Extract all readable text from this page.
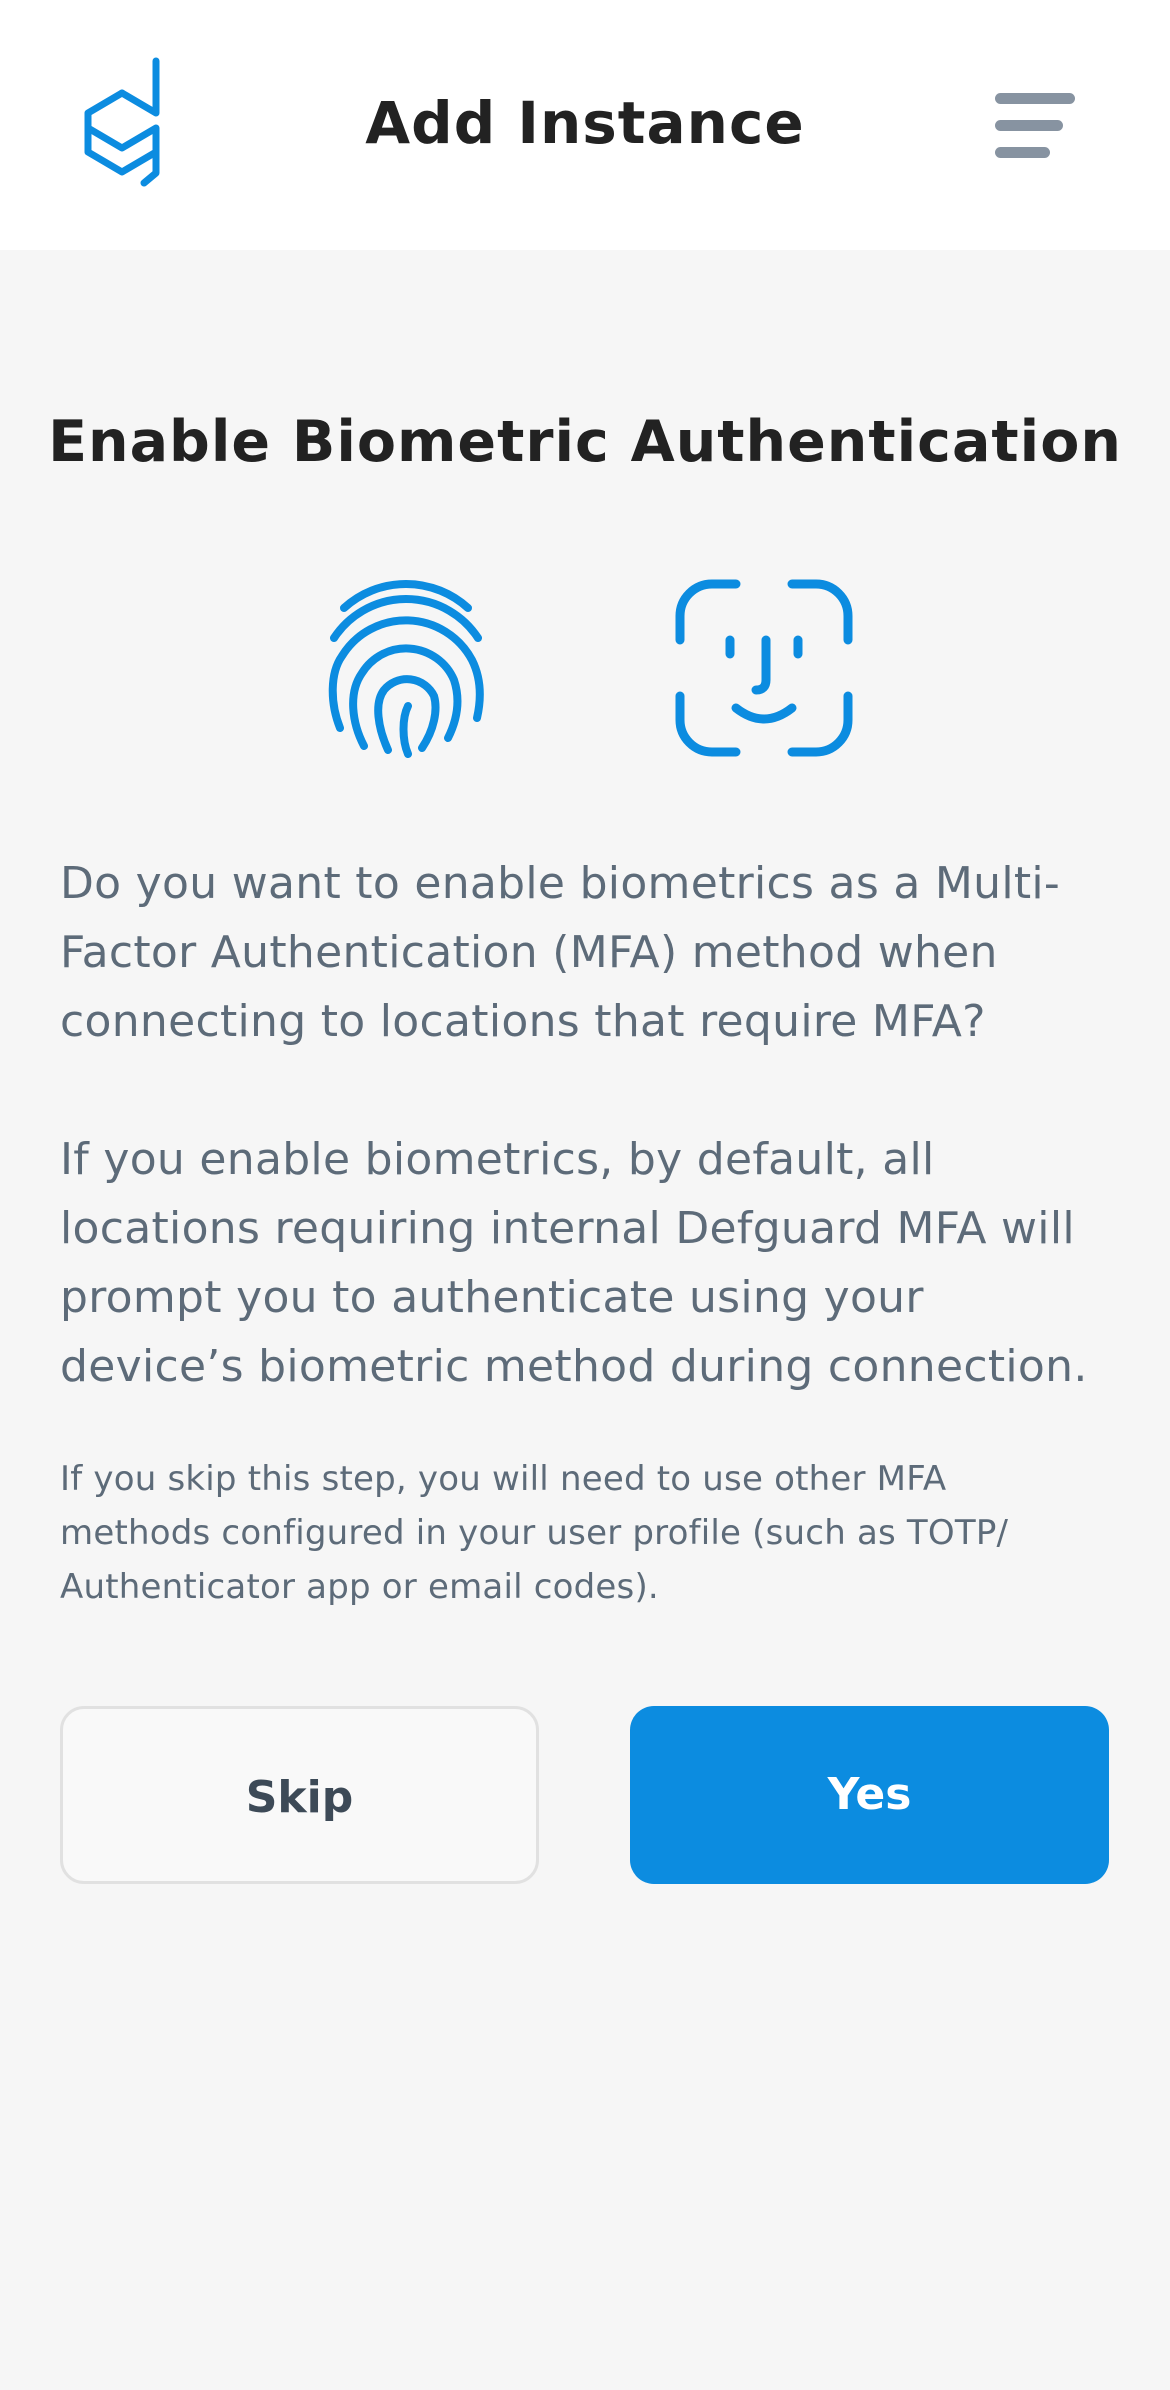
Add Instance
Enable Biometric Authentication
Do you want to enable biometrics as a Multi-Factor Authentication (MFA) method when connecting to locations that require MFA?
If you enable biometrics, by default, all locations requiring internal Defguard MFA will prompt you to authenticate using your device’s biometric method during connection.
If you skip this step, you will need to use other MFA methods configured in your user profile (such as TOTP/ Authenticator app or email codes).
Skip	Yes
